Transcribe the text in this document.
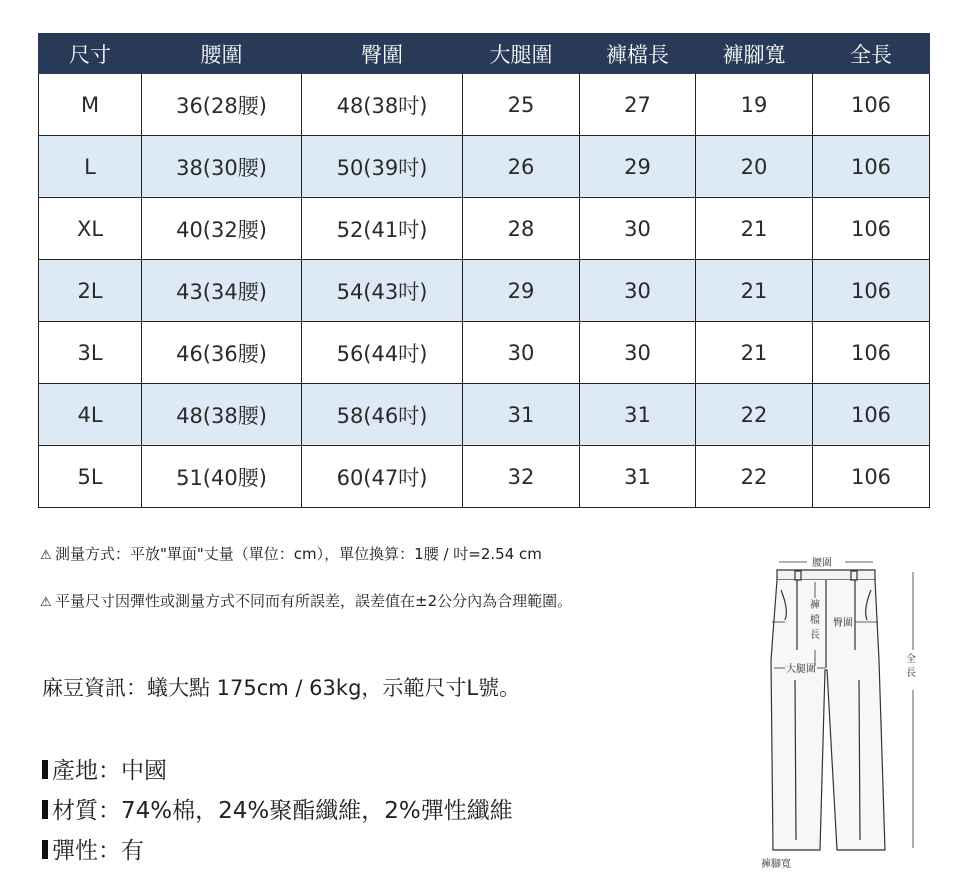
尺寸	腰圍	臀圍	大腿圍	褲檔長	褲腳寬	全長
M	36(28腰)	48(38吋)	25	27	19	106
L	38(30腰)	50(39吋)	26	29	20	106
XL	40(32腰)	52(41吋)	28	30	21	106
2L	43(34腰)	54(43吋)	29	30	21	106
3L	46(36腰)	56(44吋)	30	30	21	106
4L	48(38腰)	58(46吋)	31	31	22	106
5L	51(40腰)	60(47吋)	32	31	22	106
⚠ 測量方式：平放"單面"丈量（單位：cm），單位換算：1腰 / 吋=2.54 cm
⚠ 平量尺寸因彈性或測量方式不同而有所誤差，誤差值在±2公分內為合理範圍。
麻豆資訊：蟻大點 175cm / 63kg，示範尺寸L號。
產地：中國
材質：74%棉，24%聚酯纖維，2%彈性纖維
彈性：有
腰圍
褲
檔
長
臀圍
大腿圍
全
長
褲腳寬
